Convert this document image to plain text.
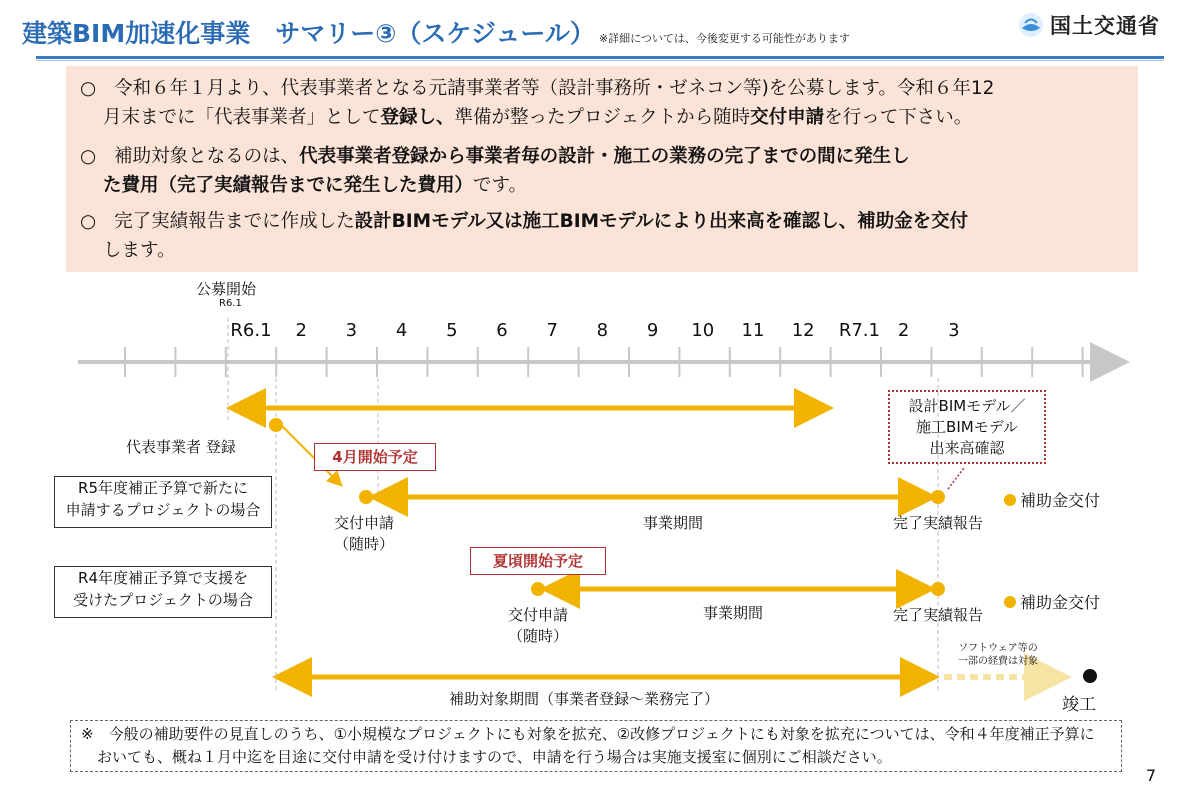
建築BIM加速化事業　サマリー③（スケジュール） ※詳細については、今後変更する可能性があります
国土交通省
○ 令和６年１月より、代表事業者となる元請事業者等（設計事務所・ゼネコン等)を公募します。令和６年12
月末までに「代表事業者」として登録し、準備が整ったプロジェクトから随時交付申請を行って下さい。
○ 補助対象となるのは、代表事業者登録から事業者毎の設計・施工の業務の完了までの間に発生し
た費用（完了実績報告までに発生した費用）です。
○ 完了実績報告までに作成した設計BIMモデル又は施工BIMモデルにより出来高を確認し、補助金を交付
します。
公募開始
R6.1
R6.1 2 3 4 5 6 7 8 9 10 11 12 R7.1 2 3
代表事業者 登録
設計BIMモデル／
施工BIMモデル
出来高確認
R5年度補正予算で新たに
申請するプロジェクトの場合
4月開始予定
交付申請
（随時）
事業期間	完了実績報告
補助金交付
R4年度補正予算で支援を
受けたプロジェクトの場合
夏頃開始予定
交付申請
（随時）
事業期間	完了実績報告
補助金交付
補助対象期間（事業者登録～業務完了）
ソフトウェア等の
一部の経費は対象
竣工
※　今般の補助要件の見直しのうち、①小規模なプロジェクトにも対象を拡充、②改修プロジェクトにも対象を拡充については、令和４年度補正予算に
おいても、概ね１月中迄を目途に交付申請を受け付けますので、申請を行う場合は実施支援室に個別にご相談ださい。
7
